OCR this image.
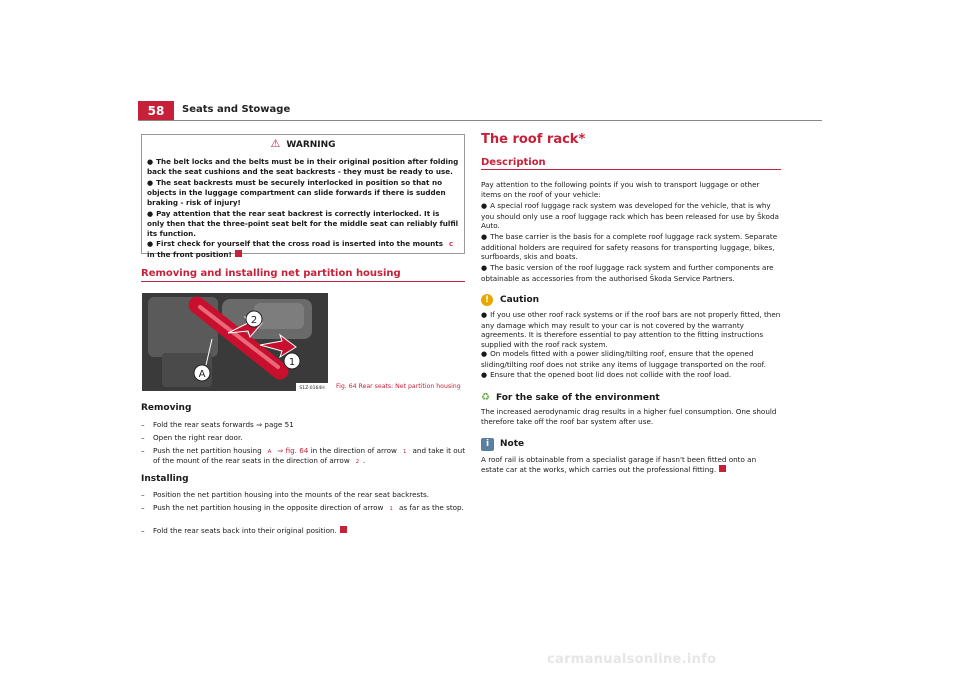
58	Seats and Stowage
⚠ WARNING

● The belt locks and the belts must be in their original position after folding back the seat cushions and the seat backrests - they must be ready to use.

● The seat backrests must be securely interlocked in position so that no objects in the luggage compartment can slide forwards if there is sudden braking - risk of injury!

● Pay attention that the rear seat backrest is correctly interlocked. It is only then that the three-point seat belt for the middle seat can reliably fulfil its function.

● First check for yourself that the cross road is inserted into the mounts C in the front position!

Removing and installing net partition housing
2
1
A
S1Z-0164H Fig. 64 Rear seats: Net partition housing
Removing
– Fold the rear seats forwards ⇒ page 51
– Open the right rear door.
– Push the net partition housing A ⇒ fig. 64 in the direction of arrow 1 and take it out of the mount of the rear seats in the direction of arrow 2 .
Installing
– Position the net partition housing into the mounts of the rear seat backrests.
– Push the net partition housing in the opposite direction of arrow 1 as far as the stop.
– Fold the rear seats back into their original position.
The roof rack*
Description

Pay attention to the following points if you wish to transport luggage or other items on the roof of your vehicle:

● A special roof luggage rack system was developed for the vehicle, that is why you should only use a roof luggage rack which has been released for use by Škoda Auto.

● The base carrier is the basis for a complete roof luggage rack system. Separate additional holders are required for safety reasons for transporting luggage, bikes, surfboards, skis and boats.

● The basic version of the roof luggage rack system and further components are obtainable as accessories from the authorised Škoda Service Partners.

! Caution

● If you use other roof rack systems or if the roof bars are not properly fitted, then any damage which may result to your car is not covered by the warranty agreements. It is therefore essential to pay attention to the fitting instructions supplied with the roof rack system.

● On models fitted with a power sliding/tilting roof, ensure that the opened sliding/tilting roof does not strike any items of luggage transported on the roof.

● Ensure that the opened boot lid does not collide with the roof load.

♻ For the sake of the environment

The increased aerodynamic drag results in a higher fuel consumption. One should therefore take off the roof bar system after use.

i Note

A roof rail is obtainable from a specialist garage if hasn't been fitted onto an estate car at the works, which carries out the professional fitting.

carmanualsonline.info
